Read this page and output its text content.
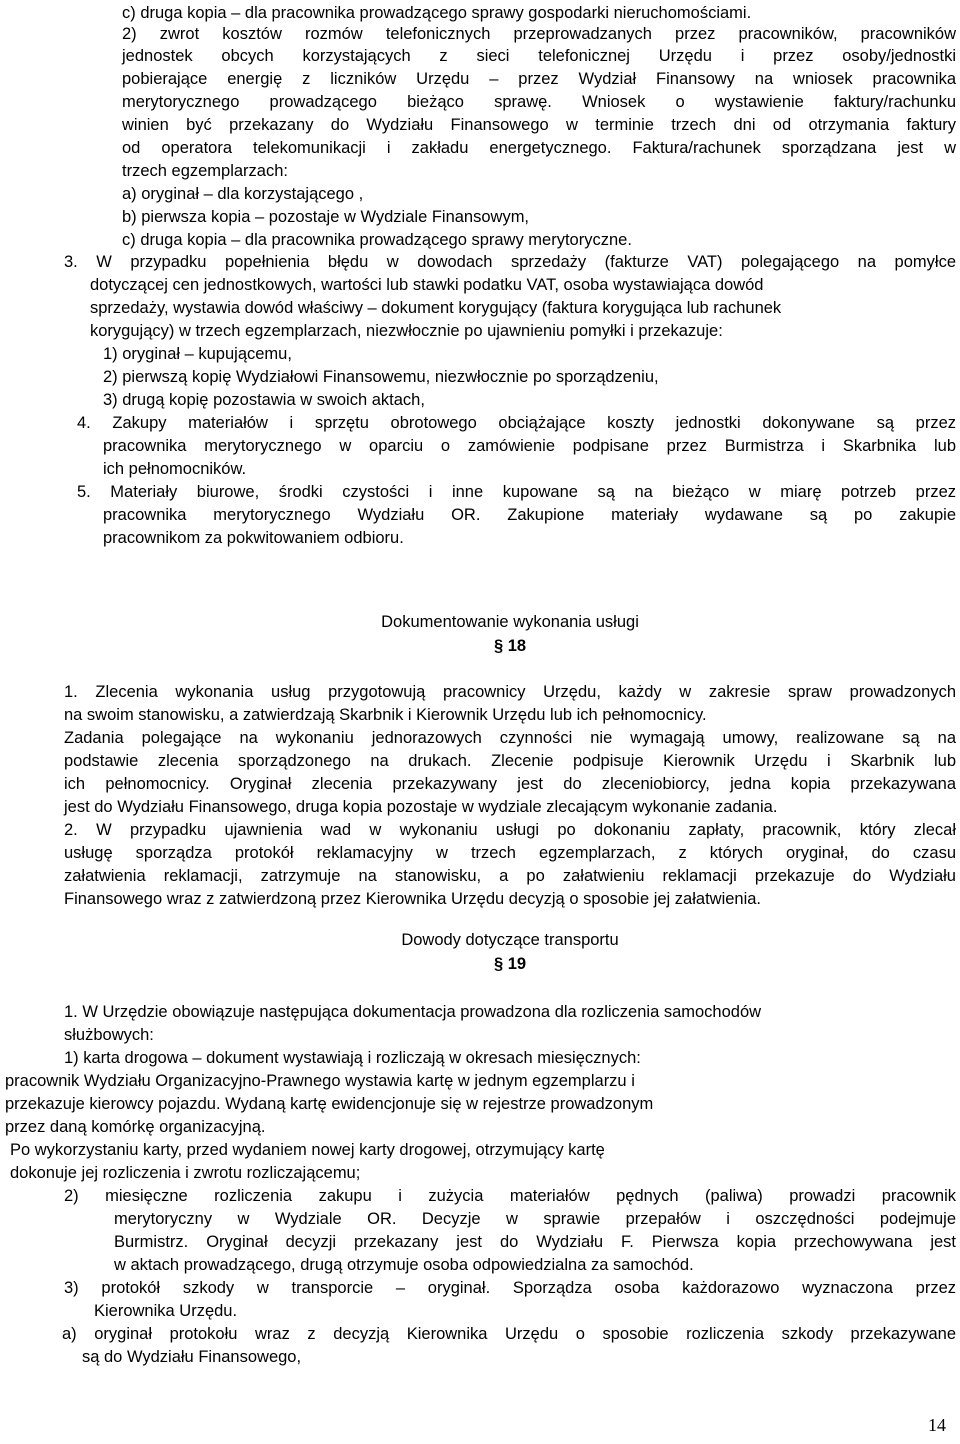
c) druga kopia – dla pracownika prowadzącego sprawy gospodarki nieruchomościami.
2) zwrot kosztów rozmów telefonicznych przeprowadzanych przez pracowników, pracowników
jednostek obcych korzystających z sieci telefonicznej Urzędu i przez osoby/jednostki
pobierające energię z liczników Urzędu – przez Wydział Finansowy na wniosek pracownika
merytorycznego prowadzącego bieżąco sprawę. Wniosek o wystawienie faktury/rachunku
winien być przekazany do Wydziału Finansowego w terminie trzech dni od otrzymania faktury
od operatora telekomunikacji i zakładu energetycznego. Faktura/rachunek sporządzana jest w
trzech egzemplarzach:
a) oryginał – dla korzystającego ,
b) pierwsza kopia – pozostaje w Wydziale Finansowym,
c) druga kopia – dla pracownika prowadzącego sprawy merytoryczne.
3. W przypadku popełnienia błędu w dowodach sprzedaży (fakturze VAT) polegającego na pomyłce
dotyczącej cen jednostkowych, wartości lub stawki podatku VAT, osoba wystawiająca dowód
sprzedaży, wystawia dowód właściwy – dokument korygujący (faktura korygująca lub rachunek
korygujący) w trzech egzemplarzach, niezwłocznie po ujawnieniu pomyłki i przekazuje:
1) oryginał – kupującemu,
2) pierwszą kopię Wydziałowi Finansowemu, niezwłocznie po sporządzeniu,
3) drugą kopię pozostawia w swoich aktach,
4. Zakupy materiałów i sprzętu obrotowego obciążające koszty jednostki dokonywane są przez
pracownika merytorycznego w oparciu o zamówienie podpisane przez Burmistrza i Skarbnika lub
ich pełnomocników.
5. Materiały biurowe, środki czystości i inne kupowane są na bieżąco w miarę potrzeb przez
pracownika merytorycznego Wydziału OR. Zakupione materiały wydawane są po zakupie
pracownikom za pokwitowaniem odbioru.
1. Zlecenia wykonania usług przygotowują pracownicy Urzędu, każdy w zakresie spraw prowadzonych
na swoim stanowisku, a zatwierdzają Skarbnik i Kierownik Urzędu lub ich pełnomocnicy.
Zadania polegające na wykonaniu jednorazowych czynności nie wymagają umowy, realizowane są na
podstawie zlecenia sporządzonego na drukach. Zlecenie podpisuje Kierownik Urzędu i Skarbnik lub
ich pełnomocnicy. Oryginał zlecenia przekazywany jest do zleceniobiorcy, jedna kopia przekazywana
jest do Wydziału Finansowego, druga kopia pozostaje w wydziale zlecającym wykonanie zadania.
2. W przypadku ujawnienia wad w wykonaniu usługi po dokonaniu zapłaty, pracownik, który zlecał
usługę sporządza protokół reklamacyjny w trzech egzemplarzach, z których oryginał, do czasu
załatwienia reklamacji, zatrzymuje na stanowisku, a po załatwieniu reklamacji przekazuje do Wydziału
Finansowego wraz z zatwierdzoną przez Kierownika Urzędu decyzją o sposobie jej załatwienia.
1. W Urzędzie obowiązuje następująca dokumentacja prowadzona dla rozliczenia samochodów
służbowych:
1) karta drogowa – dokument wystawiają i rozliczają w okresach miesięcznych:
pracownik Wydziału Organizacyjno-Prawnego wystawia kartę w jednym egzemplarzu i
przekazuje kierowcy pojazdu. Wydaną kartę ewidencjonuje się w rejestrze prowadzonym
przez daną komórkę organizacyjną.
Po wykorzystaniu karty, przed wydaniem nowej karty drogowej, otrzymujący kartę
dokonuje jej rozliczenia i zwrotu rozliczającemu;
2) miesięczne rozliczenia zakupu i zużycia materiałów pędnych (paliwa) prowadzi pracownik
merytoryczny w Wydziale OR. Decyzje w sprawie przepałów i oszczędności podejmuje
Burmistrz. Oryginał decyzji przekazany jest do Wydziału F. Pierwsza kopia przechowywana jest
w aktach prowadzącego, drugą otrzymuje osoba odpowiedzialna za samochód.
3) protokół szkody w transporcie – oryginał. Sporządza osoba każdorazowo wyznaczona przez
Kierownika Urzędu.
a) oryginał protokołu wraz z decyzją Kierownika Urzędu o sposobie rozliczenia szkody przekazywane
są do Wydziału Finansowego,
Dokumentowanie wykonania usługi
§ 18
Dowody dotyczące transportu
§ 19
14
